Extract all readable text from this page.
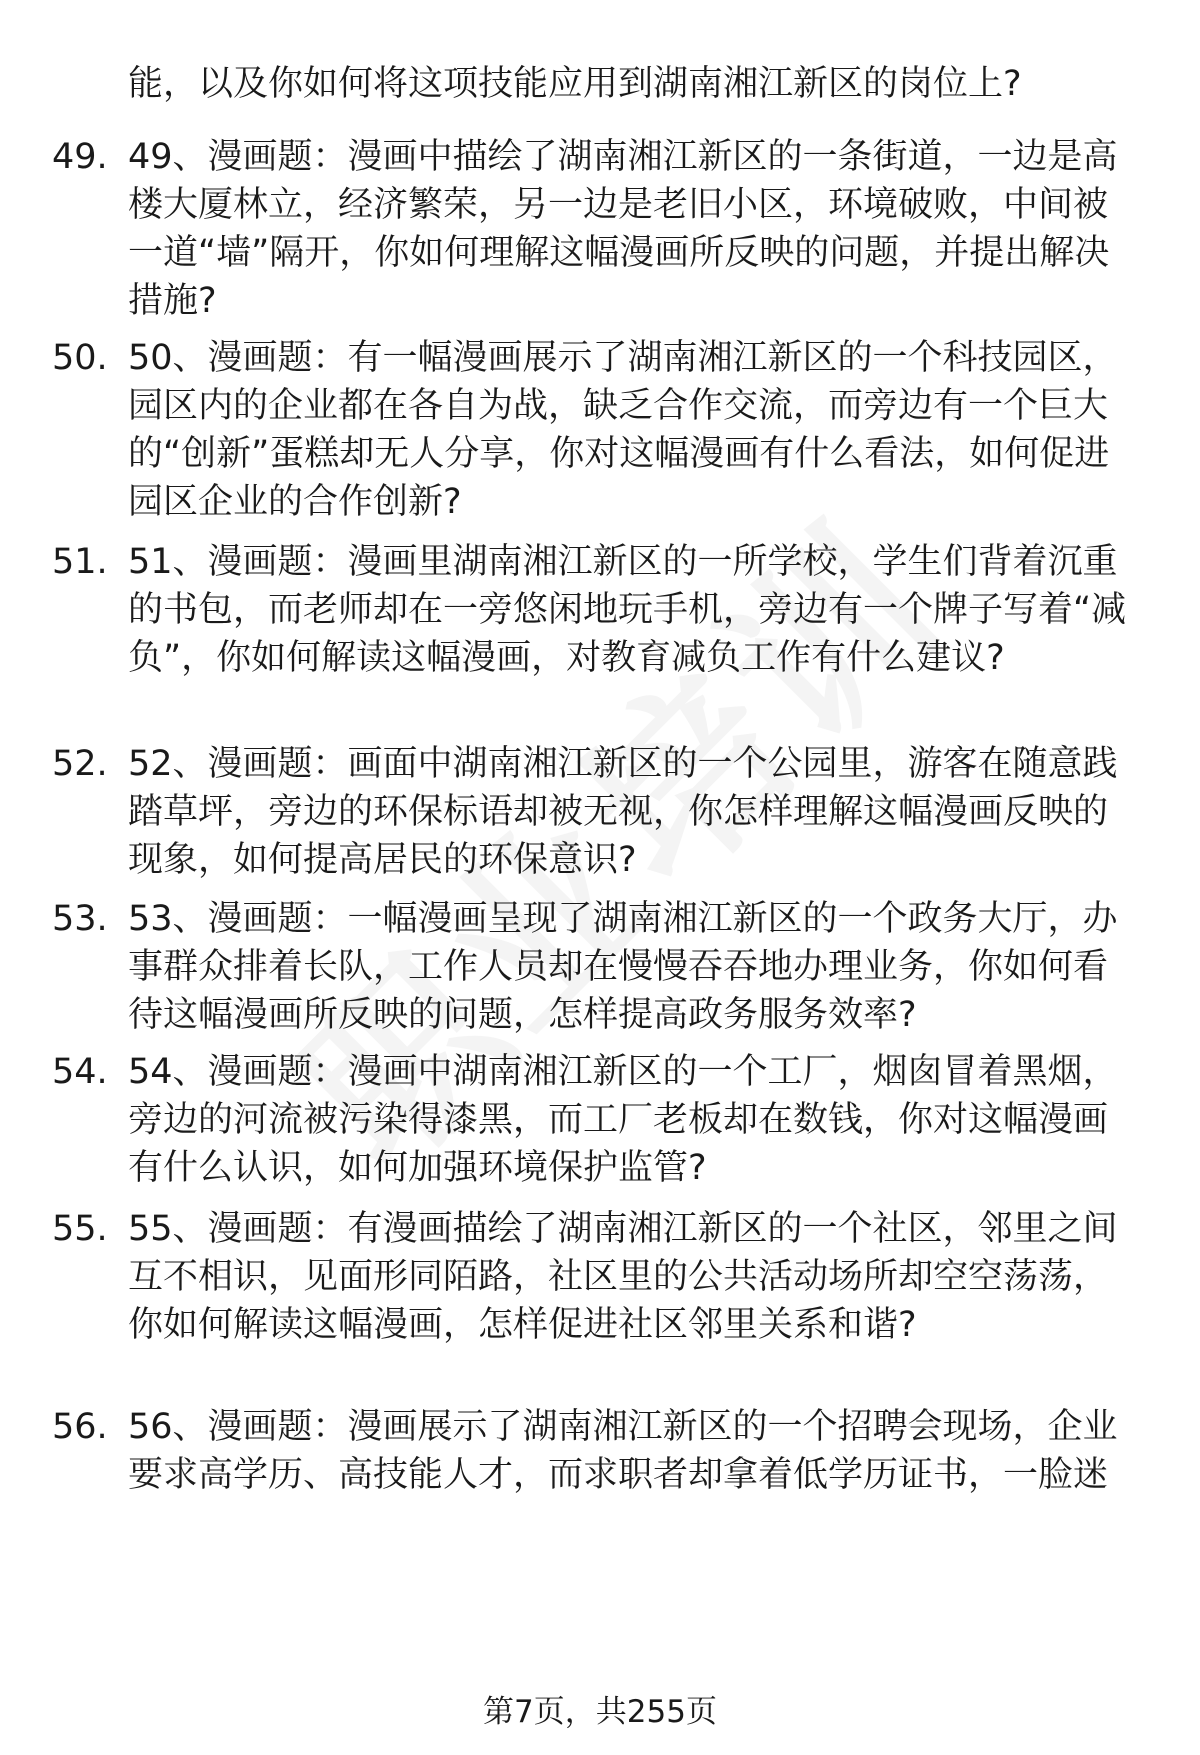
能，以及你如何将这项技能应用到湖南湘江新区的岗位上?

49. 49、漫画题：漫画中描绘了湖南湘江新区的一条街道，一边是高楼大厦林立，经济繁荣，另一边是老旧小区，环境破败，中间被一道“墙”隔开，你如何理解这幅漫画所反映的问题，并提出解决措施?

50. 50、漫画题：有一幅漫画展示了湖南湘江新区的一个科技园区，园区内的企业都在各自为战，缺乏合作交流，而旁边有一个巨大的“创新”蛋糕却无人分享，你对这幅漫画有什么看法，如何促进园区企业的合作创新?

51. 51、漫画题：漫画里湖南湘江新区的一所学校，学生们背着沉重的书包，而老师却在一旁悠闲地玩手机，旁边有一个牌子写着“减负”，你如何解读这幅漫画，对教育减负工作有什么建议?

52. 52、漫画题：画面中湖南湘江新区的一个公园里，游客在随意践踏草坪，旁边的环保标语却被无视，你怎样理解这幅漫画反映的现象，如何提高居民的环保意识?

53. 53、漫画题：一幅漫画呈现了湖南湘江新区的一个政务大厅，办事群众排着长队，工作人员却在慢慢吞吞地办理业务，你如何看待这幅漫画所反映的问题，怎样提高政务服务效率?

54. 54、漫画题：漫画中湖南湘江新区的一个工厂，烟囱冒着黑烟，旁边的河流被污染得漆黑，而工厂老板却在数钱，你对这幅漫画有什么认识，如何加强环境保护监管?

55. 55、漫画题：有漫画描绘了湖南湘江新区的一个社区，邻里之间互不相识，见面形同陌路，社区里的公共活动场所却空空荡荡，你如何解读这幅漫画，怎样促进社区邻里关系和谐?

56. 56、漫画题：漫画展示了湖南湘江新区的一个招聘会现场，企业要求高学历、高技能人才，而求职者却拿着低学历证书，一脸迷

第7页，共255页
